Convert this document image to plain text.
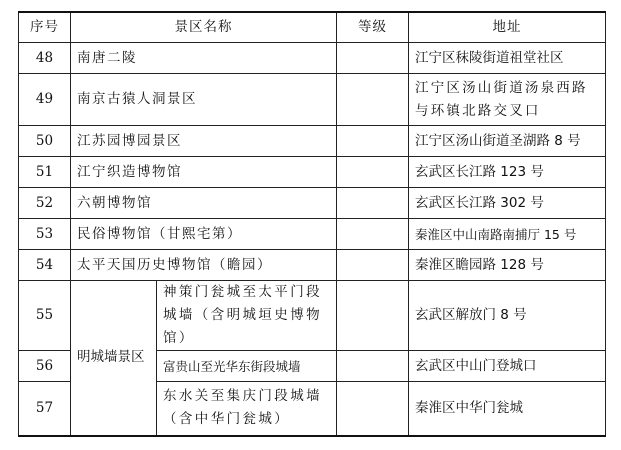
序号	景区名称		等级	地址
48	南唐二陵			江宁区秣陵街道祖堂社区
49	南京古猿人洞景区			江宁区汤山街道汤泉西路与环镇北路交叉口
50	江苏园博园景区			江宁区汤山街道圣湖路 8 号
51	江宁织造博物馆			玄武区长江路 123 号
52	六朝博物馆			玄武区长江路 302 号
53	民俗博物馆（甘熙宅第）			秦淮区中山南路南捕厅 15 号
54	太平天国历史博物馆（瞻园）			秦淮区瞻园路 128 号
55	明城墙景区	神策门瓮城至太平门段城墙（含明城垣史博物馆）		玄武区解放门 8 号
56		富贵山至光华东街段城墙		玄武区中山门登城口
57		东水关至集庆门段城墙（含中华门瓮城）		秦淮区中华门瓮城
